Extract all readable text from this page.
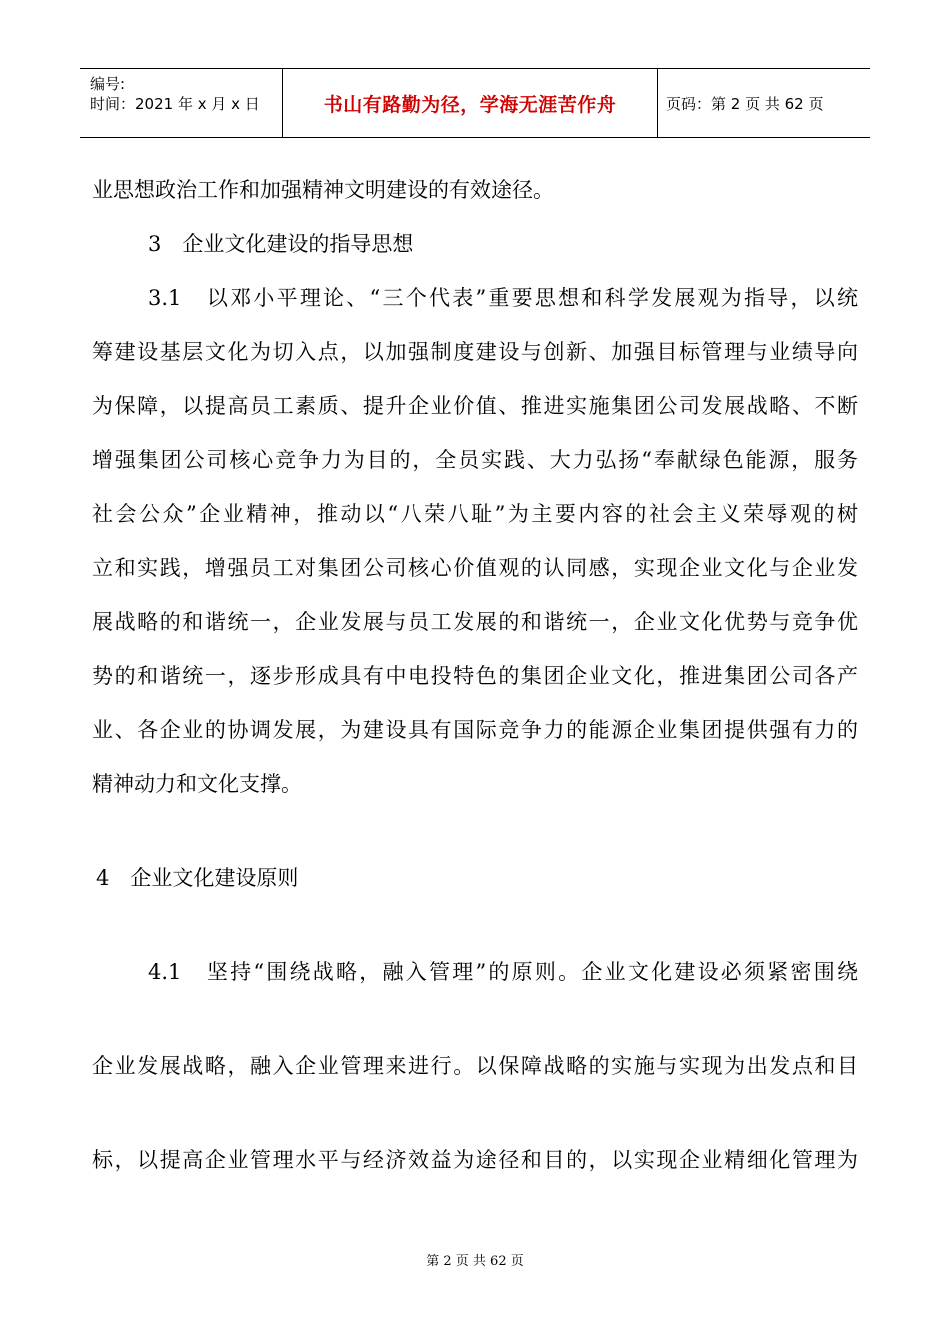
编号:
时间：2021 年 x 月 x 日	书山有路勤为径，学海无涯苦作舟	页码：第 2 页 共 62 页
业思想政治工作和加强精神文明建设的有效途径。
3　企业文化建设的指导思想
3.1　以邓小平理论、“三个代表”重要思想和科学发展观为指导，以统
筹建设基层文化为切入点，以加强制度建设与创新、加强目标管理与业绩导向
为保障，以提高员工素质、提升企业价值、推进实施集团公司发展战略、不断
增强集团公司核心竞争力为目的，全员实践、大力弘扬“奉献绿色能源，服务
社会公众”企业精神，推动以“八荣八耻”为主要内容的社会主义荣辱观的树
立和实践，增强员工对集团公司核心价值观的认同感，实现企业文化与企业发
展战略的和谐统一，企业发展与员工发展的和谐统一，企业文化优势与竞争优
势的和谐统一，逐步形成具有中电投特色的集团企业文化，推进集团公司各产
业、各企业的协调发展，为建设具有国际竞争力的能源企业集团提供强有力的
精神动力和文化支撑。
4　企业文化建设原则
4.1　坚持“围绕战略，融入管理”的原则。企业文化建设必须紧密围绕
企业发展战略，融入企业管理来进行。以保障战略的实施与实现为出发点和目
标，以提高企业管理水平与经济效益为途径和目的，以实现企业精细化管理为
第 2 页 共 62 页
